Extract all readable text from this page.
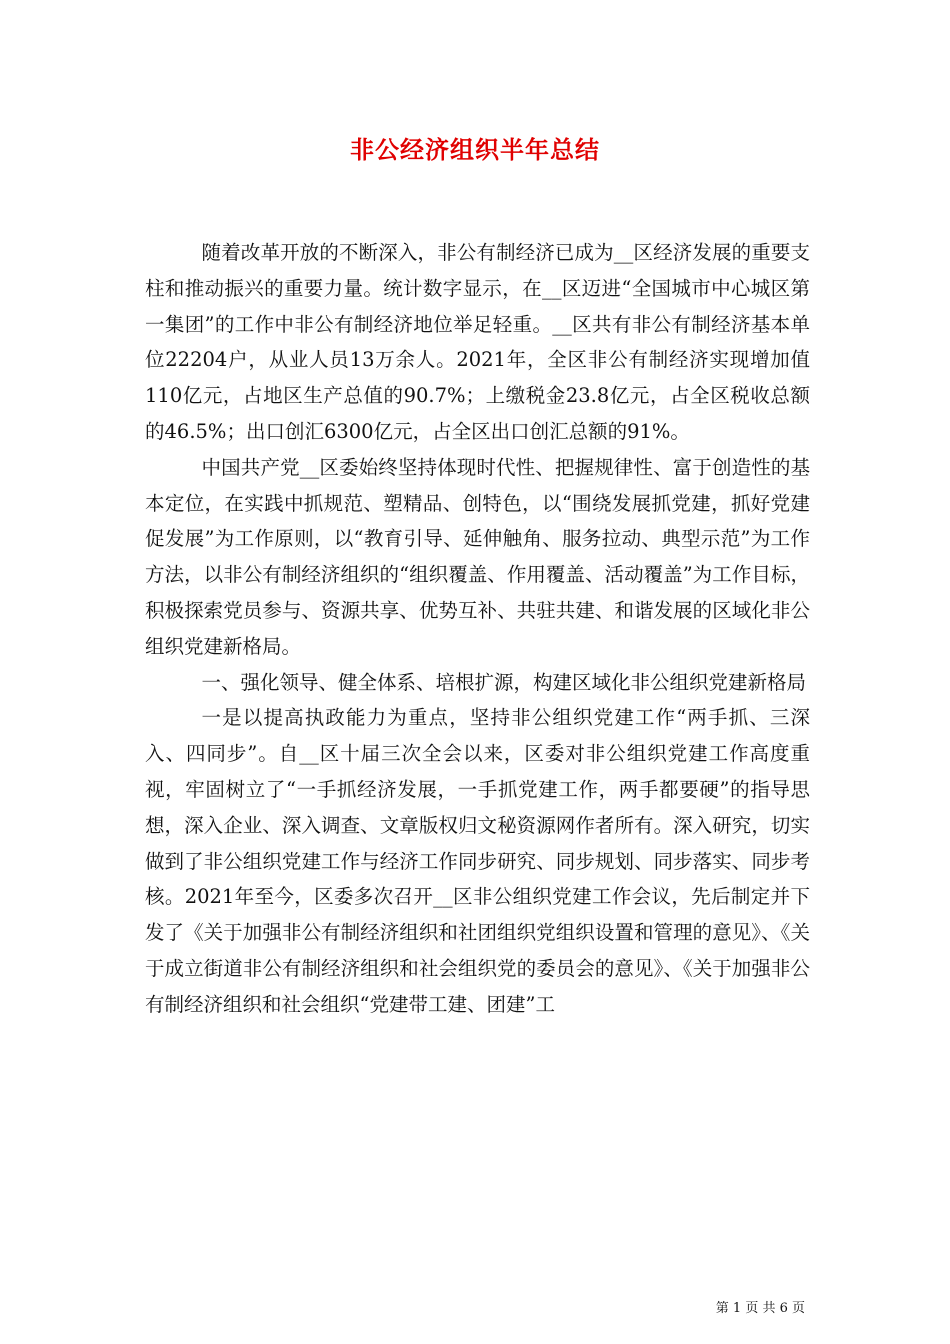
非公经济组织半年总结

随着改革开放的不断深入，非公有制经济已成为__区经济发展的重要支柱和推动振兴的重要力量。统计数字显示，在__区迈进“全国城市中心城区第一集团”的工作中非公有制经济地位举足轻重。__区共有非公有制经济基本单位22204户，从业人员13万余人。2021年，全区非公有制经济实现增加值110亿元，占地区生产总值的90.7%；上缴税金23.8亿元，占全区税收总额的46.5%；出口创汇6300亿元，占全区出口创汇总额的91%。

中国共产党__区委始终坚持体现时代性、把握规律性、富于创造性的基本定位，在实践中抓规范、塑精品、创特色，以“围绕发展抓党建，抓好党建促发展”为工作原则，以“教育引导、延伸触角、服务拉动、典型示范”为工作方法，以非公有制经济组织的“组织覆盖、作用覆盖、活动覆盖”为工作目标，积极探索党员参与、资源共享、优势互补、共驻共建、和谐发展的区域化非公组织党建新格局。

一、强化领导、健全体系、培根扩源，构建区域化非公组织党建新格局

一是以提高执政能力为重点，坚持非公组织党建工作“两手抓、三深入、四同步”。自__区十届三次全会以来，区委对非公组织党建工作高度重视，牢固树立了“一手抓经济发展，一手抓党建工作，两手都要硬”的指导思想，深入企业、深入调查、文章版权归文秘资源网作者所有。深入研究，切实做到了非公组织党建工作与经济工作同步研究、同步规划、同步落实、同步考核。2021年至今，区委多次召开__区非公组织党建工作会议，先后制定并下发了《关于加强非公有制经济组织和社团组织党组织设置和管理的意见》、《关于成立街道非公有制经济组织和社会组织党的委员会的意见》、《关于加强非公有制经济组织和社会组织“党建带工建、团建”工

第 1 页 共 6 页
